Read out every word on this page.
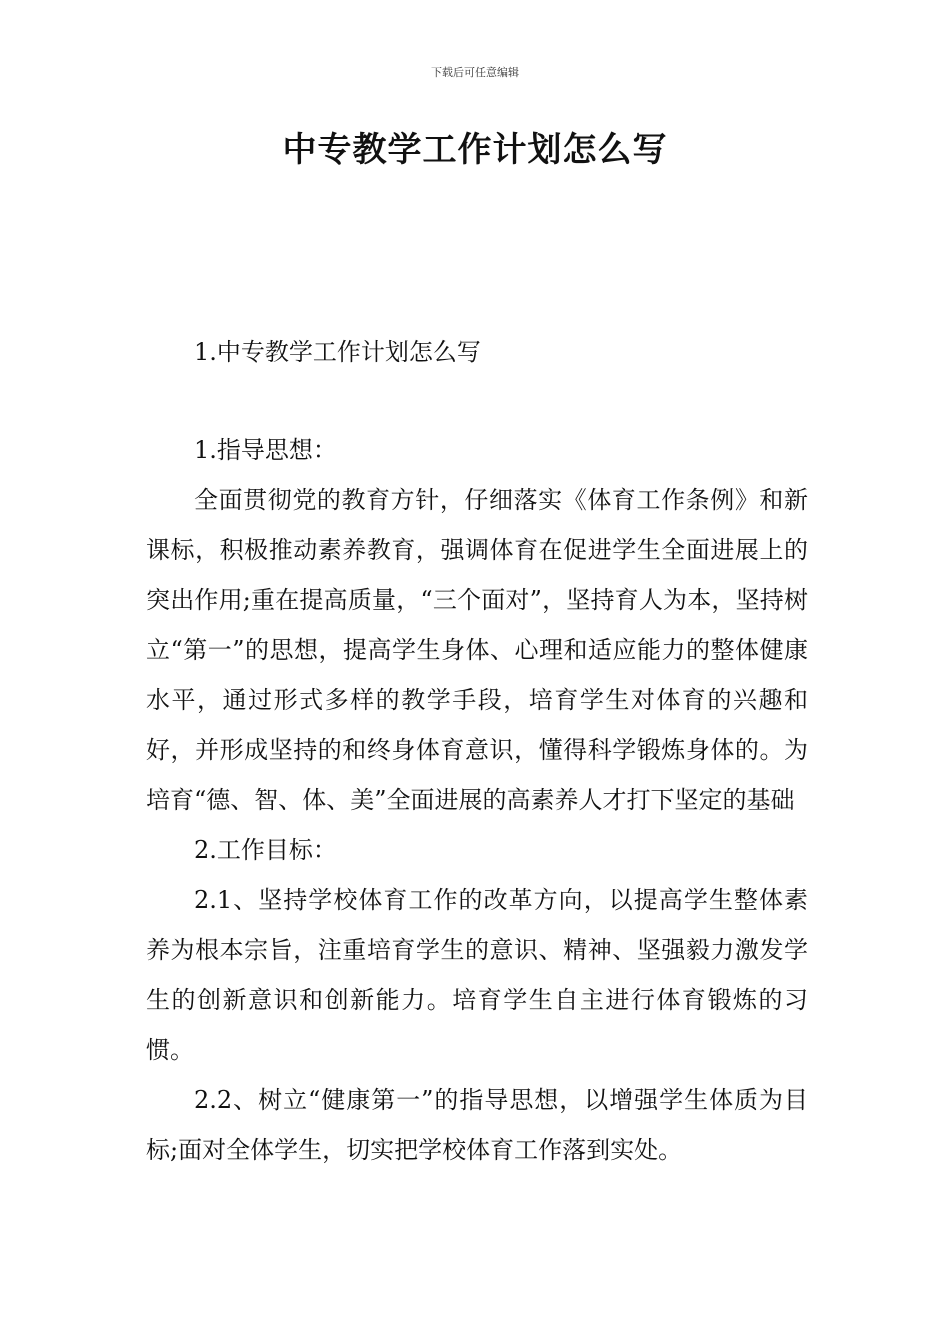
下载后可任意编辑
中专教学工作计划怎么写

1.中专教学工作计划怎么写

1.指导思想：

全面贯彻党的教育方针，仔细落实《体育工作条例》和新课标，积极推动素养教育，强调体育在促进学生全面进展上的突出作用;重在提高质量，“三个面对”，坚持育人为本，坚持树立“第一”的思想，提高学生身体、心理和适应能力的整体健康水平，通过形式多样的教学手段，培育学生对体育的兴趣和好，并形成坚持的和终身体育意识，懂得科学锻炼身体的。为培育“德、智、体、美”全面进展的高素养人才打下坚定的基础

2.工作目标：

2.1、坚持学校体育工作的改革方向，以提高学生整体素养为根本宗旨，注重培育学生的意识、精神、坚强毅力激发学生的创新意识和创新能力。培育学生自主进行体育锻炼的习惯。

2.2、树立“健康第一”的指导思想，以增强学生体质为目标;面对全体学生，切实把学校体育工作落到实处。
